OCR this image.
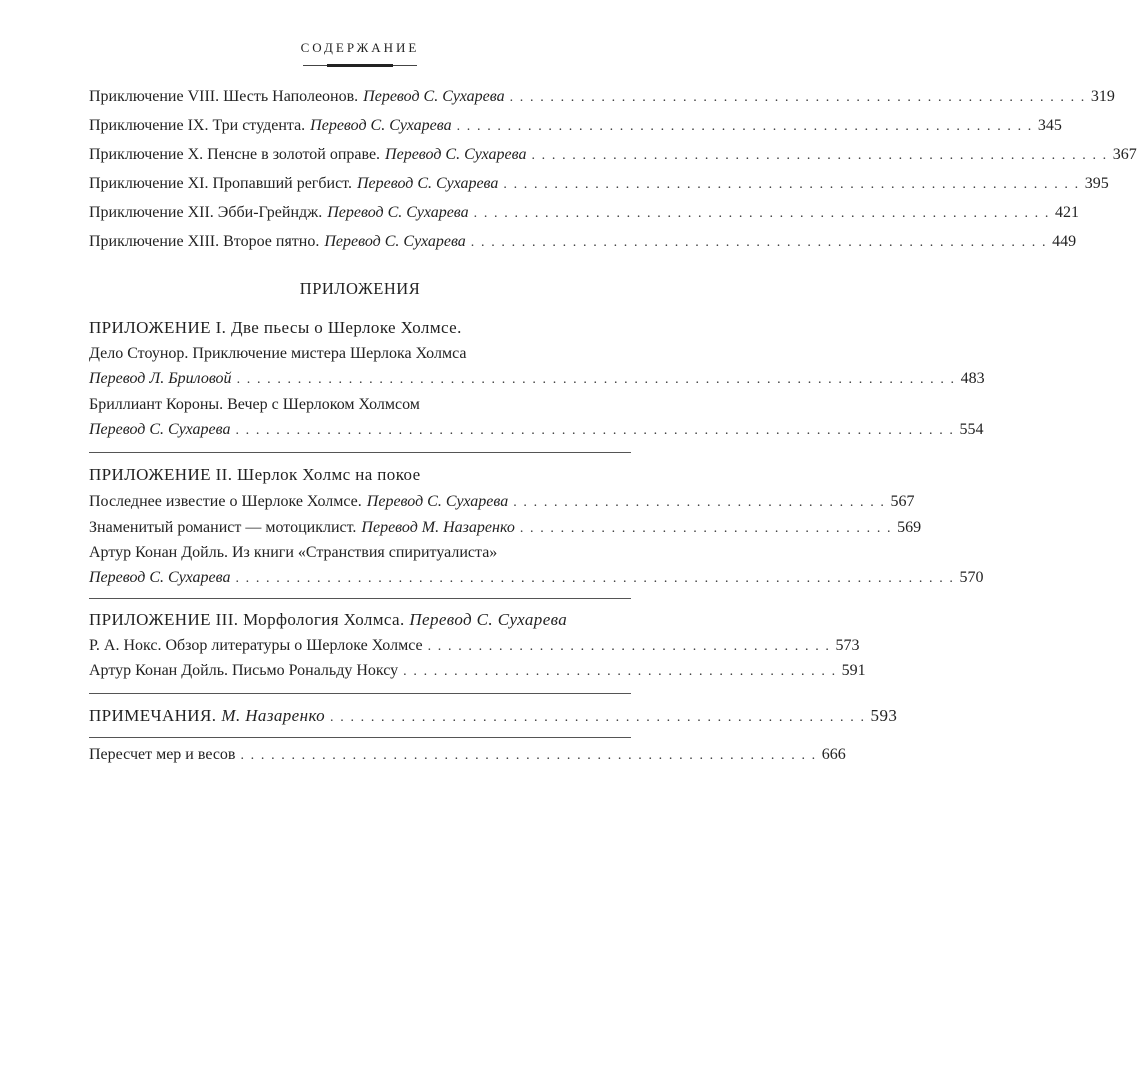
СОДЕРЖАНИЕ
Приключение VIII. Шесть Наполеонов. Перевод С. Сухарева . . . . . . . . . . . . . . . . . . . . . . . . . . . . . . . . . . . . . . . . . . . . . . . . . . . . . . . . . 319
Приключение IX. Три студента. Перевод С. Сухарева . . . . . . . . . . . . . . . . . . . . . . . . . . . . . . . . . . . . . . . . . . . . . . . . . . . . . . . . . 345
Приключение X. Пенсне в золотой оправе. Перевод С. Сухарева . . . . . . . . . . . . . . . . . . . . . . . . . . . . . . . . . . . . . . . . . . . . . . . . . . . . . . . . . 367
Приключение XI. Пропавший регбист. Перевод С. Сухарева . . . . . . . . . . . . . . . . . . . . . . . . . . . . . . . . . . . . . . . . . . . . . . . . . . . . . . . . . 395
Приключение XII. Эбби-Грейндж. Перевод С. Сухарева . . . . . . . . . . . . . . . . . . . . . . . . . . . . . . . . . . . . . . . . . . . . . . . . . . . . . . . . . 421
Приключение XIII. Второе пятно. Перевод С. Сухарева . . . . . . . . . . . . . . . . . . . . . . . . . . . . . . . . . . . . . . . . . . . . . . . . . . . . . . . . . 449
ПРИЛОЖЕНИЯ
ПРИЛОЖЕНИЕ I. Две пьесы о Шерлоке Холмсе.
Дело Стоунор. Приключение мистера Шерлока Холмса
Перевод Л. Бриловой . . . . . . . . . . . . . . . . . . . . . . . . . . . . . . . . . . . . . . . . . . . . . . . . . . . . . . . . . . . . . . . . . . . . . . . 483
Бриллиант Короны. Вечер с Шерлоком Холмсом
Перевод С. Сухарева . . . . . . . . . . . . . . . . . . . . . . . . . . . . . . . . . . . . . . . . . . . . . . . . . . . . . . . . . . . . . . . . . . . . . . . 554
ПРИЛОЖЕНИЕ II. Шерлок Холмс на покое
Последнее известие о Шерлоке Холмсе. Перевод С. Сухарева . . . . . . . . . . . . . . . . . . . . . . . . . . . . . . . . . . . . . 567
Знаменитый романист — мотоциклист. Перевод М. Назаренко . . . . . . . . . . . . . . . . . . . . . . . . . . . . . . . . . . . . . 569
Артур Конан Дойль. Из книги «Странствия спиритуалиста»
Перевод С. Сухарева . . . . . . . . . . . . . . . . . . . . . . . . . . . . . . . . . . . . . . . . . . . . . . . . . . . . . . . . . . . . . . . . . . . . . . . 570
ПРИЛОЖЕНИЕ III. Морфология Холмса. Перевод С. Сухарева
Р. А. Нокс. Обзор литературы о Шерлоке Холмсе . . . . . . . . . . . . . . . . . . . . . . . . . . . . . . . . . . . . . . . . 573
Артур Конан Дойль. Письмо Рональду Ноксу . . . . . . . . . . . . . . . . . . . . . . . . . . . . . . . . . . . . . . . . . . . 591
ПРИМЕЧАНИЯ. М. Назаренко . . . . . . . . . . . . . . . . . . . . . . . . . . . . . . . . . . . . . . . . . . . . . . . . . . . . . 593
Пересчет мер и весов . . . . . . . . . . . . . . . . . . . . . . . . . . . . . . . . . . . . . . . . . . . . . . . . . . . . . . . . . 666
